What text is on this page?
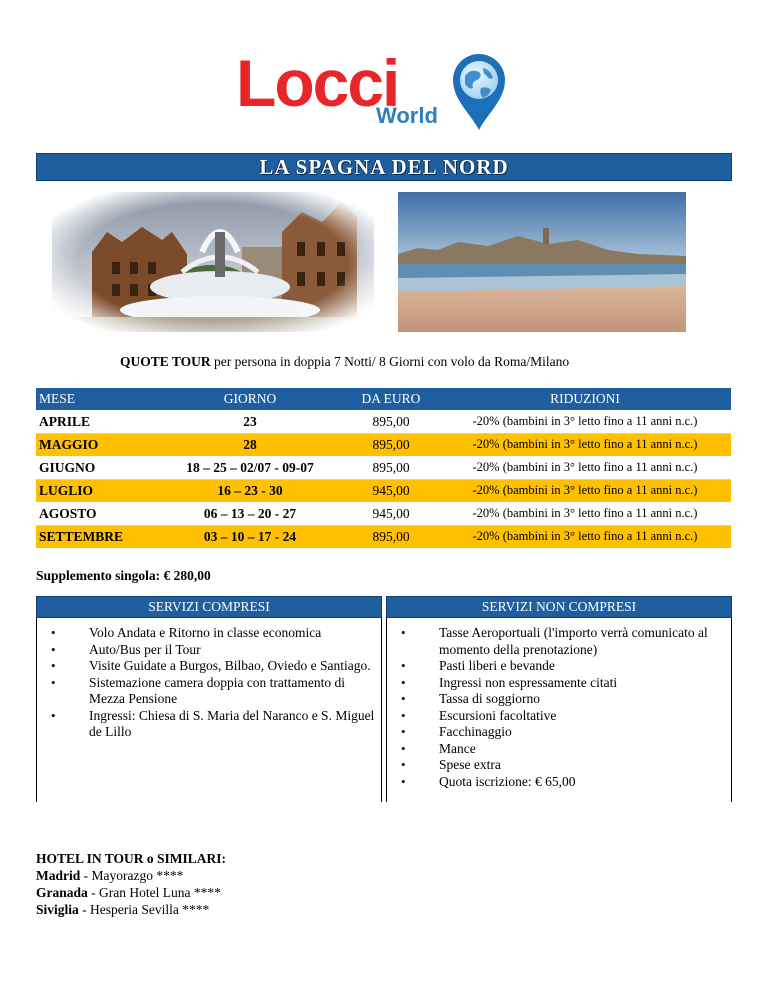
Locci
World
LA SPAGNA DEL NORD
QUOTE TOUR per persona in doppia 7 Notti/ 8 Giorni con volo da Roma/Milano
MESE	GIORNO	DA EURO	RIDUZIONI
APRILE	23	895,00	-20% (bambini in 3° letto fino a 11 anni n.c.)
MAGGIO	28	895,00	-20% (bambini in 3° letto fino a 11 anni n.c.)
GIUGNO	18 – 25 – 02/07 - 09-07	895,00	-20% (bambini in 3° letto fino a 11 anni n.c.)
LUGLIO	16 – 23 - 30	945,00	-20% (bambini in 3° letto fino a 11 anni n.c.)
AGOSTO	06 – 13 – 20 - 27	945,00	-20% (bambini in 3° letto fino a 11 anni n.c.)
SETTEMBRE	03 – 10 – 17 - 24	895,00	-20% (bambini in 3° letto fino a 11 anni n.c.)
Supplemento singola: € 280,00
SERVIZI COMPRESI	SERVIZI NON COMPRESI
• Volo Andata e Ritorno in classe economica
• Auto/Bus per il Tour
• Visite Guidate a Burgos, Bilbao, Oviedo e Santiago.
• Sistemazione camera doppia con trattamento di Mezza Pensione
• Ingressi: Chiesa di S. Maria del Naranco e S. Miguel de Lillo
• Tasse Aeroportuali (l'importo verrà comunicato al momento della prenotazione)
• Pasti liberi e bevande
• Ingressi non espressamente citati
• Tassa di soggiorno
• Escursioni facoltative
• Facchinaggio
• Mance
• Spese extra
• Quota iscrizione: € 65,00
HOTEL IN TOUR o SIMILARI:
Madrid - Mayorazgo ****
Granada - Gran Hotel Luna ****
Siviglia - Hesperia Sevilla ****
